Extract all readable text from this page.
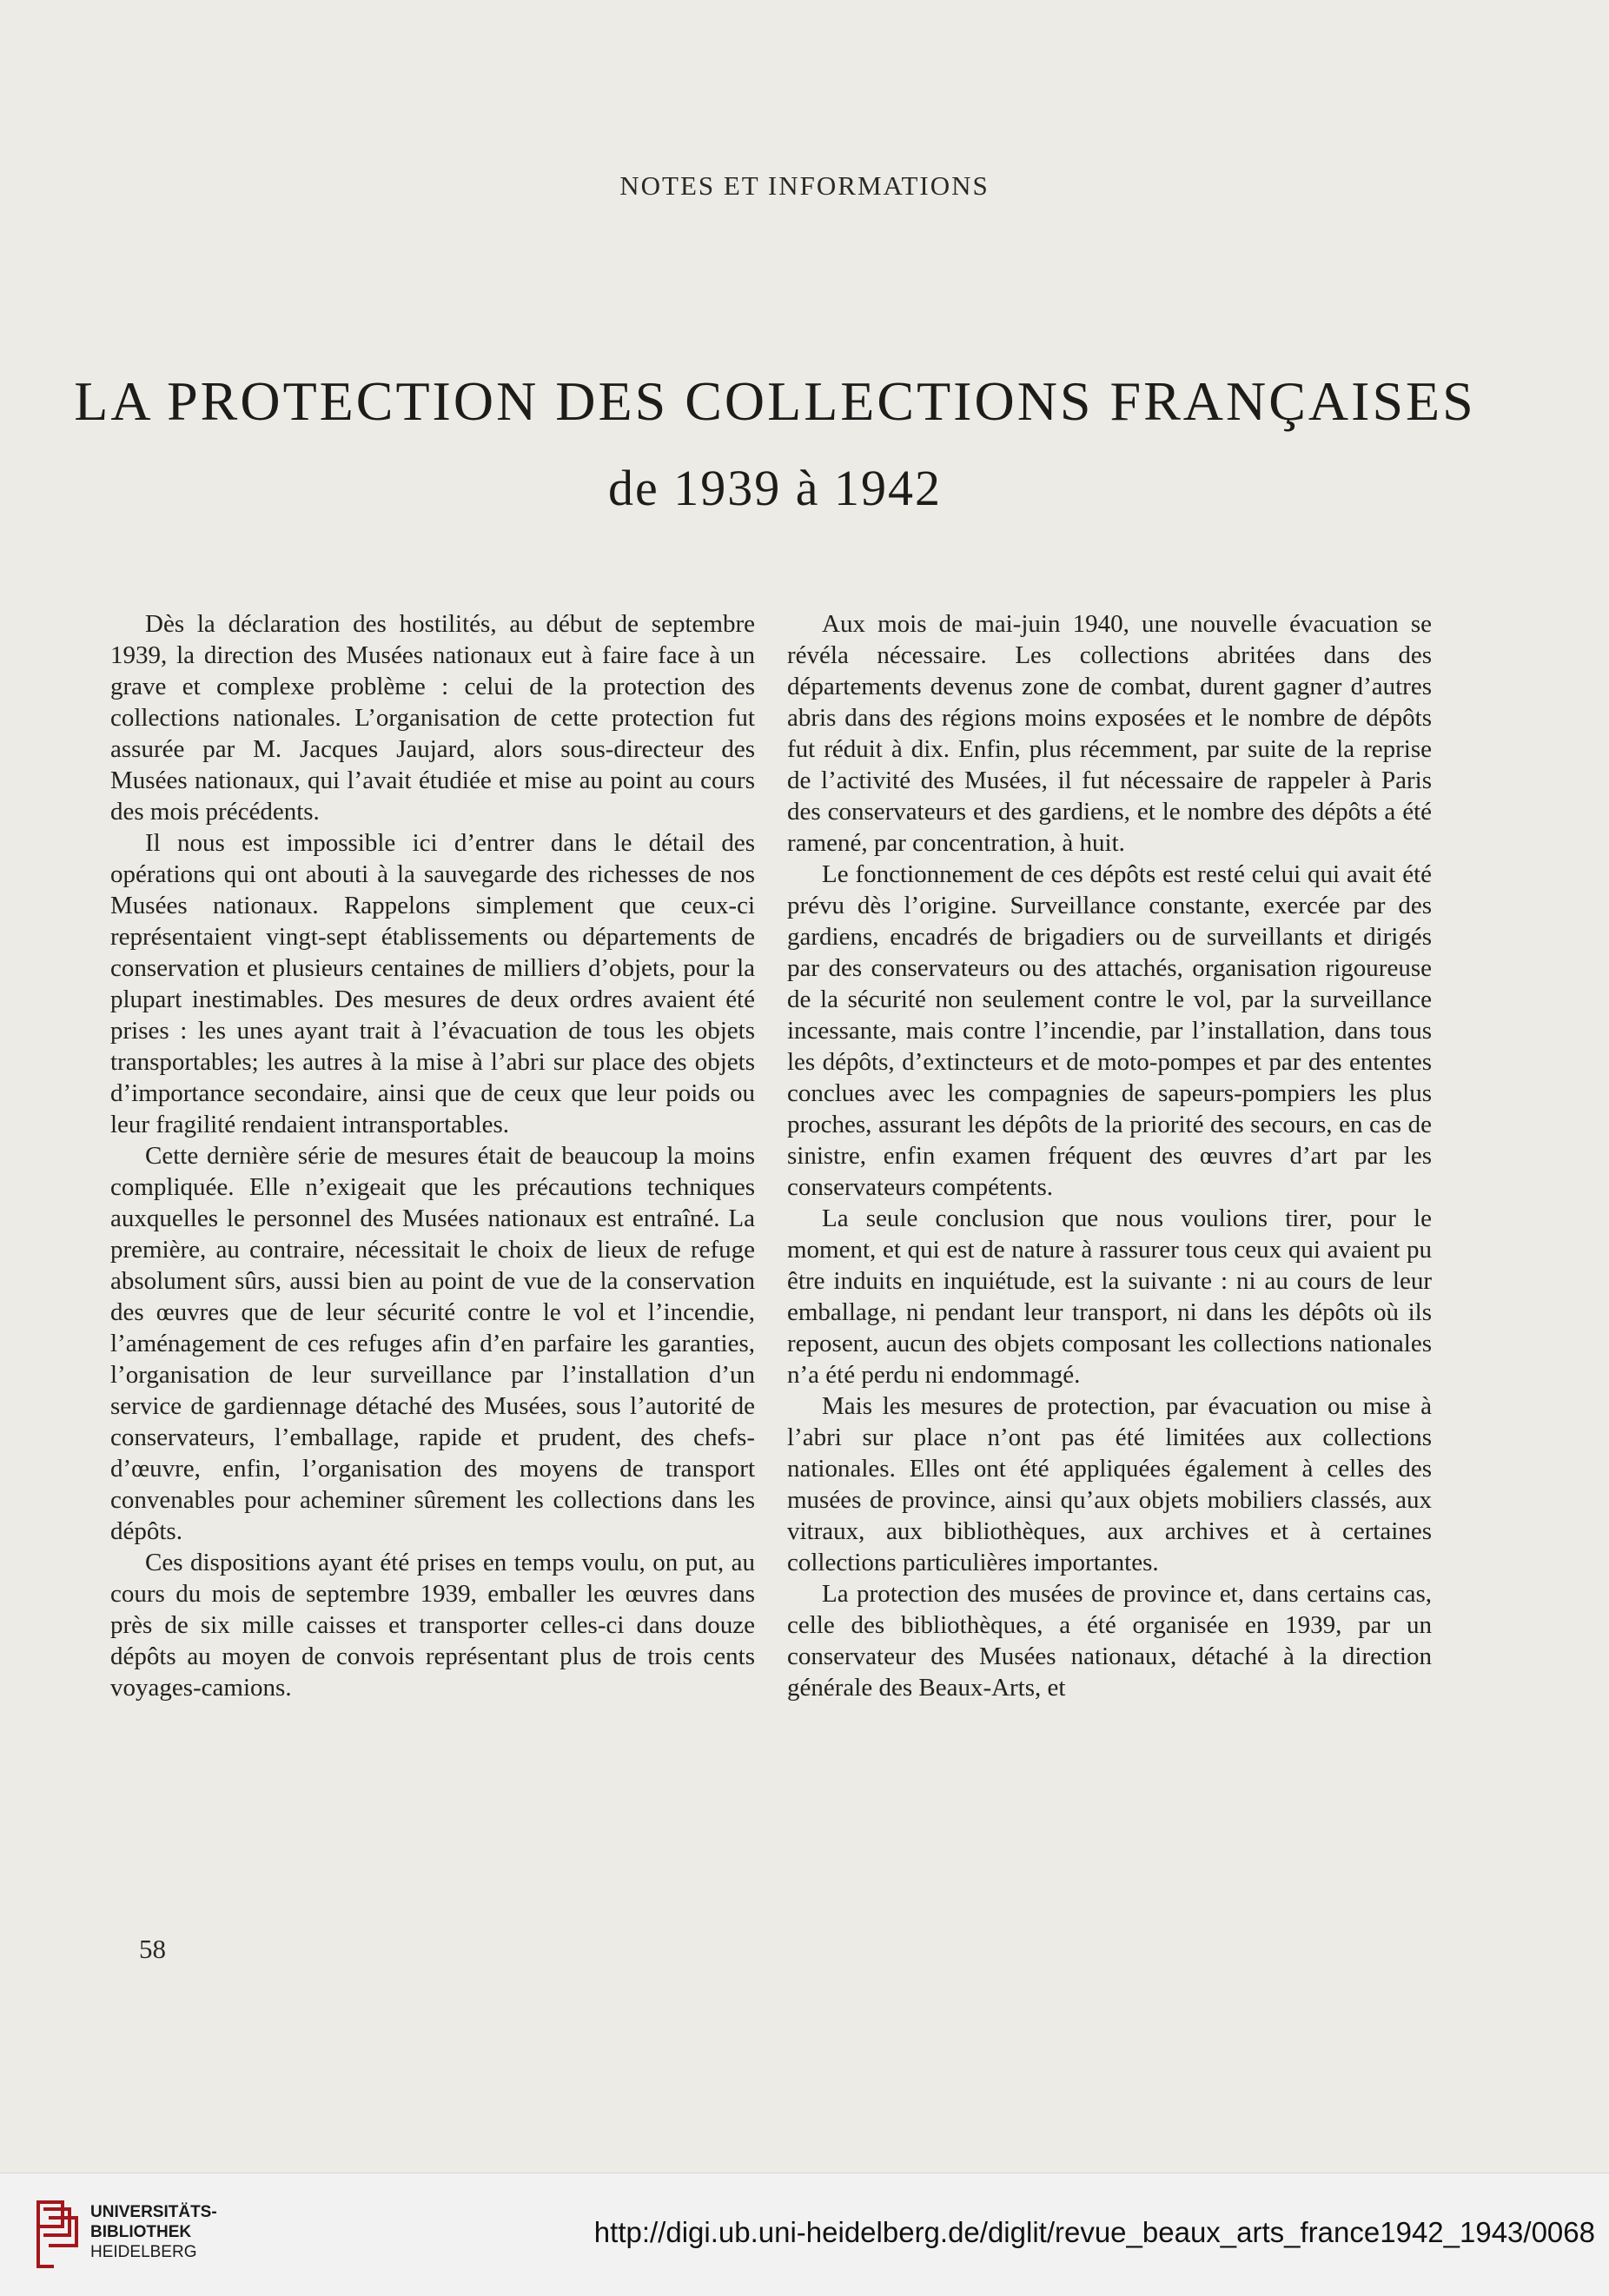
NOTES ET INFORMATIONS
LA PROTECTION DES COLLECTIONS FRANÇAISES
de 1939 à 1942

Dès la déclaration des hostilités, au début de septembre 1939, la direction des Musées nationaux eut à faire face à un grave et complexe problème : celui de la protection des collections nationales. L’organisation de cette protection fut assurée par M. Jacques Jaujard, alors sous-directeur des Musées nationaux, qui l’avait étudiée et mise au point au cours des mois précédents.

Il nous est impossible ici d’entrer dans le détail des opérations qui ont abouti à la sauvegarde des richesses de nos Musées nationaux. Rappelons simplement que ceux-ci représentaient vingt-sept établissements ou départements de conservation et plusieurs centaines de milliers d’objets, pour la plupart inestimables. Des mesures de deux ordres avaient été prises : les unes ayant trait à l’évacuation de tous les objets transportables; les autres à la mise à l’abri sur place des objets d’importance secondaire, ainsi que de ceux que leur poids ou leur fragilité rendaient intransportables.

Cette dernière série de mesures était de beaucoup la moins compliquée. Elle n’exigeait que les précautions techniques auxquelles le personnel des Musées nationaux est entraîné. La première, au contraire, nécessitait le choix de lieux de refuge absolument sûrs, aussi bien au point de vue de la conservation des œuvres que de leur sécurité contre le vol et l’incendie, l’aménagement de ces refuges afin d’en parfaire les garanties, l’organisation de leur surveillance par l’installation d’un service de gardiennage détaché des Musées, sous l’autorité de conservateurs, l’emballage, rapide et prudent, des chefs-d’œuvre, enfin, l’organisation des moyens de transport convenables pour acheminer sûrement les collections dans les dépôts.

Ces dispositions ayant été prises en temps voulu, on put, au cours du mois de septembre 1939, emballer les œuvres dans près de six mille caisses et transporter celles-ci dans douze dépôts au moyen de convois représentant plus de trois cents voyages-camions.

Aux mois de mai-juin 1940, une nouvelle évacuation se révéla nécessaire. Les collections abritées dans des départements devenus zone de combat, durent gagner d’autres abris dans des régions moins exposées et le nombre de dépôts fut réduit à dix. Enfin, plus récemment, par suite de la reprise de l’activité des Musées, il fut nécessaire de rappeler à Paris des conservateurs et des gardiens, et le nombre des dépôts a été ramené, par concentration, à huit.

Le fonctionnement de ces dépôts est resté celui qui avait été prévu dès l’origine. Surveillance constante, exercée par des gardiens, encadrés de brigadiers ou de surveillants et dirigés par des conservateurs ou des attachés, organisation rigoureuse de la sécurité non seulement contre le vol, par la surveillance incessante, mais contre l’incendie, par l’installation, dans tous les dépôts, d’extincteurs et de moto-pompes et par des ententes conclues avec les compagnies de sapeurs-pompiers les plus proches, assurant les dépôts de la priorité des secours, en cas de sinistre, enfin examen fréquent des œuvres d’art par les conservateurs compétents.

La seule conclusion que nous voulions tirer, pour le moment, et qui est de nature à rassurer tous ceux qui avaient pu être induits en inquiétude, est la suivante : ni au cours de leur emballage, ni pendant leur transport, ni dans les dépôts où ils reposent, aucun des objets composant les collections nationales n’a été perdu ni endommagé.

Mais les mesures de protection, par évacuation ou mise à l’abri sur place n’ont pas été limitées aux collections nationales. Elles ont été appliquées également à celles des musées de province, ainsi qu’aux objets mobiliers classés, aux vitraux, aux bibliothèques, aux archives et à certaines collections particulières importantes.

La protection des musées de province et, dans certains cas, celle des bibliothèques, a été organisée en 1939, par un conservateur des Musées nationaux, détaché à la direction générale des Beaux-Arts, et

58
UNIVERSITÄTS-
BIBLIOTHEK
HEIDELBERG
http://digi.ub.uni-heidelberg.de/diglit/revue_beaux_arts_france1942_1943/0068
